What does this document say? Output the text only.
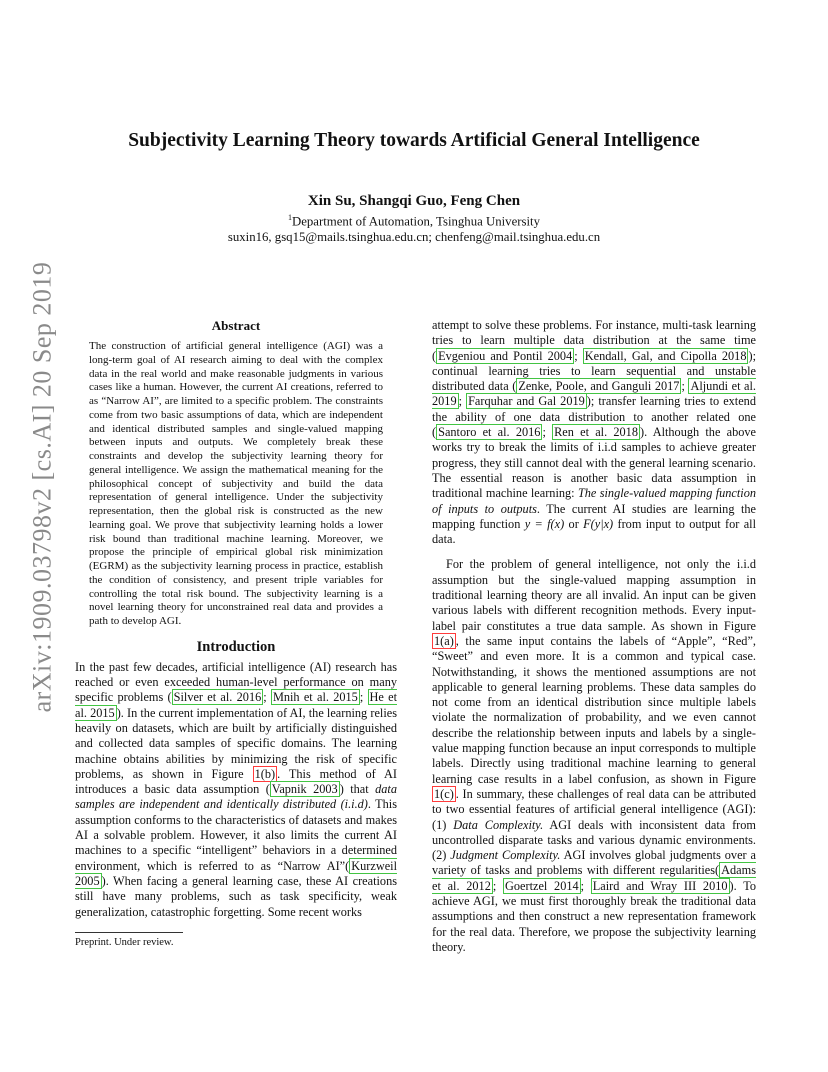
arXiv:1909.03798v2 [cs.AI] 20 Sep 2019
Subjectivity Learning Theory towards Artificial General Intelligence
Xin Su, Shangqi Guo, Feng Chen
$^1$Department of Automation, Tsinghua University
suxin16, gsq15@mails.tsinghua.edu.cn; chenfeng@mail.tsinghua.edu.cn
Abstract
The construction of artificial general intelligence (AGI) was a long-term goal of AI research aiming to deal with the complex data in the real world and make reasonable judgments in various cases like a human. However, the current AI creations, referred to as “Narrow AI”, are limited to a specific problem. The constraints come from two basic assumptions of data, which are independent and identical distributed samples and single-valued mapping between inputs and outputs. We completely break these constraints and develop the subjectivity learning theory for general intelligence. We assign the mathematical meaning for the philosophical concept of subjectivity and build the data representation of general intelligence. Under the subjectivity representation, then the global risk is constructed as the new learning goal. We prove that subjectivity learning holds a lower risk bound than traditional machine learning. Moreover, we propose the principle of empirical global risk minimization (EGRM) as the subjectivity learning process in practice, establish the condition of consistency, and present triple variables for controlling the total risk bound. The subjectivity learning is a novel learning theory for unconstrained real data and provides a path to develop AGI.
Introduction

In the past few decades, artificial intelligence (AI) research has reached or even exceeded human-level performance on many specific problems ( Silver et al. 2016 ; Mnih et al. 2015 ; He et al. 2015 ). In the current implementation of AI, the learning relies heavily on datasets, which are built by artificially distinguished and collected data samples of specific domains. The learning machine obtains abilities by minimizing the risk of specific problems, as shown in Figure 1(b) . This method of AI introduces a basic data assumption ( Vapnik 2003 ) that data samples are independent and identically distributed (i.i.d). This assumption conforms to the characteristics of datasets and makes AI a solvable problem. However, it also limits the current AI machines to a specific “intelligent” behaviors in a determined environment, which is referred to as “Narrow AI”( Kurzweil 2005 ). When facing a general learning case, these AI creations still have many problems, such as task specificity, weak generalization, catastrophic forgetting. Some recent works

attempt to solve these problems. For instance, multi-task learning tries to learn multiple data distribution at the same time ( Evgeniou and Pontil 2004 ; Kendall, Gal, and Cipolla 2018 ); continual learning tries to learn sequential and unstable distributed data ( Zenke, Poole, and Ganguli 2017 ; Aljundi et al. 2019 ; Farquhar and Gal 2019 ); transfer learning tries to extend the ability of one data distribution to another related one ( Santoro et al. 2016 ; Ren et al. 2018 ). Although the above works try to break the limits of i.i.d samples to achieve greater progress, they still cannot deal with the general learning scenario. The essential reason is another basic data assumption in traditional machine learning: The single-valued mapping function of inputs to outputs. The current AI studies are learning the mapping function y = f(x) or F(y|x) from input to output for all data.

For the problem of general intelligence, not only the i.i.d assumption but the single-valued mapping assumption in traditional learning theory are all invalid. An input can be given various labels with different recognition methods. Every input-label pair constitutes a true data sample. As shown in Figure 1(a) , the same input contains the labels of “Apple”, “Red”, “Sweet” and even more. It is a common and typical case. Notwithstanding, it shows the mentioned assumptions are not applicable to general learning problems. These data samples do not come from an identical distribution since multiple labels violate the normalization of probability, and we even cannot describe the relationship between inputs and labels by a single-value mapping function because an input corresponds to multiple labels. Directly using traditional machine learning to general learning case results in a label confusion, as shown in Figure 1(c) . In summary, these challenges of real data can be attributed to two essential features of artificial general intelligence (AGI): (1) Data Complexity. AGI deals with inconsistent data from uncontrolled disparate tasks and various dynamic environments. (2) Judgment Complexity. AGI involves global judgments over a variety of tasks and problems with different regularities( Adams et al. 2012 ; Goertzel 2014 ; Laird and Wray III 2010 ). To achieve AGI, we must first thoroughly break the traditional data assumptions and then construct a new representation framework for the real data. Therefore, we propose the subjectivity learning theory.

Preprint. Under review.
